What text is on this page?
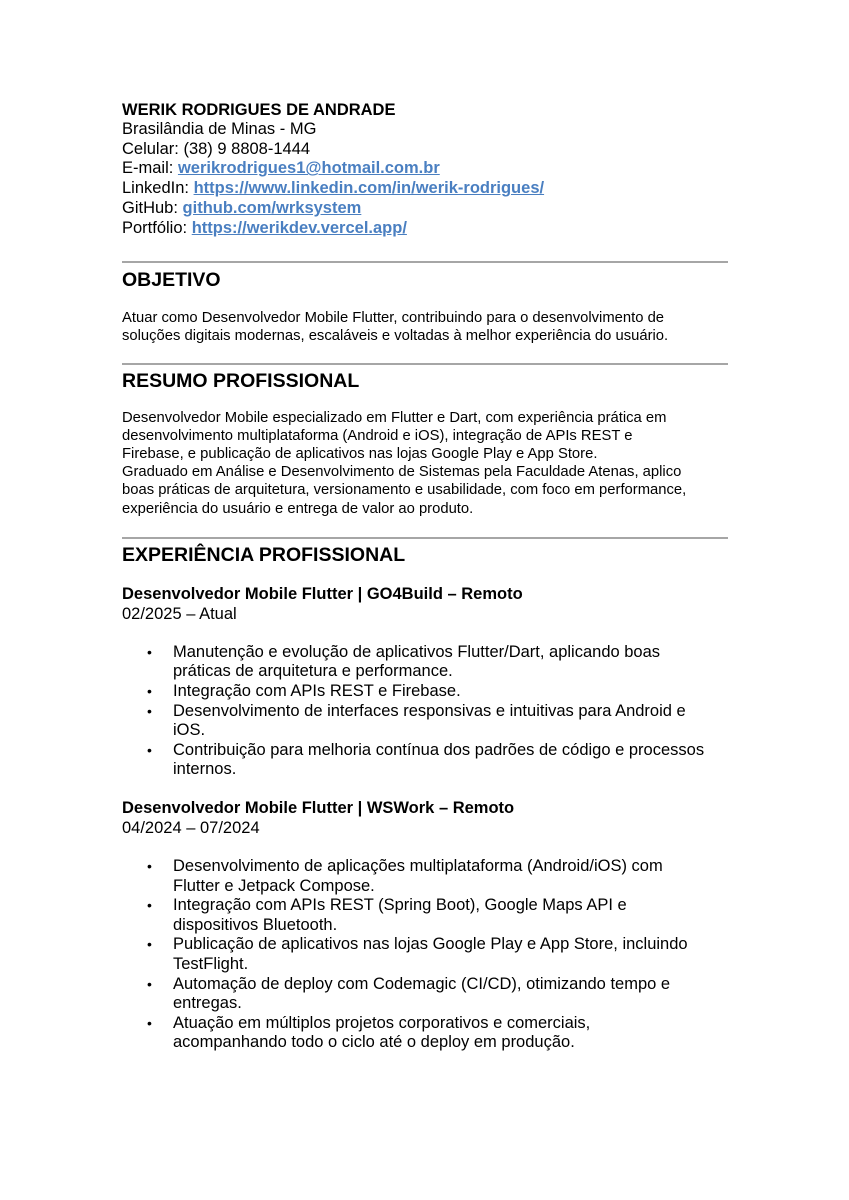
WERIK RODRIGUES DE ANDRADE

Brasilândia de Minas - MG

Celular: (38) 9 8808-1444

E-mail: werikrodrigues1@hotmail.com.br

LinkedIn: https://www.linkedin.com/in/werik-rodrigues/

GitHub: github.com/wrksystem

Portfólio: https://werikdev.vercel.app/

OBJETIVO

Atuar como Desenvolvedor Mobile Flutter, contribuindo para o desenvolvimento de

soluções digitais modernas, escaláveis e voltadas à melhor experiência do usuário.

RESUMO PROFISSIONAL

Desenvolvedor Mobile especializado em Flutter e Dart, com experiência prática em

desenvolvimento multiplataforma (Android e iOS), integração de APIs REST e

Firebase, e publicação de aplicativos nas lojas Google Play e App Store.

Graduado em Análise e Desenvolvimento de Sistemas pela Faculdade Atenas, aplico

boas práticas de arquitetura, versionamento e usabilidade, com foco em performance,

experiência do usuário e entrega de valor ao produto.

EXPERIÊNCIA PROFISSIONAL

Desenvolvedor Mobile Flutter | GO4Build – Remoto

02/2025 – Atual

• Manutenção e evolução de aplicativos Flutter/Dart, aplicando boas
práticas de arquitetura e performance.
• Integração com APIs REST e Firebase.
• Desenvolvimento de interfaces responsivas e intuitivas para Android e
iOS.
• Contribuição para melhoria contínua dos padrões de código e processos
internos.

Desenvolvedor Mobile Flutter | WSWork – Remoto

04/2024 – 07/2024

• Desenvolvimento de aplicações multiplataforma (Android/iOS) com
Flutter e Jetpack Compose.
• Integração com APIs REST (Spring Boot), Google Maps API e
dispositivos Bluetooth.
• Publicação de aplicativos nas lojas Google Play e App Store, incluindo
TestFlight.
• Automação de deploy com Codemagic (CI/CD), otimizando tempo e
entregas.
• Atuação em múltiplos projetos corporativos e comerciais,
acompanhando todo o ciclo até o deploy em produção.
